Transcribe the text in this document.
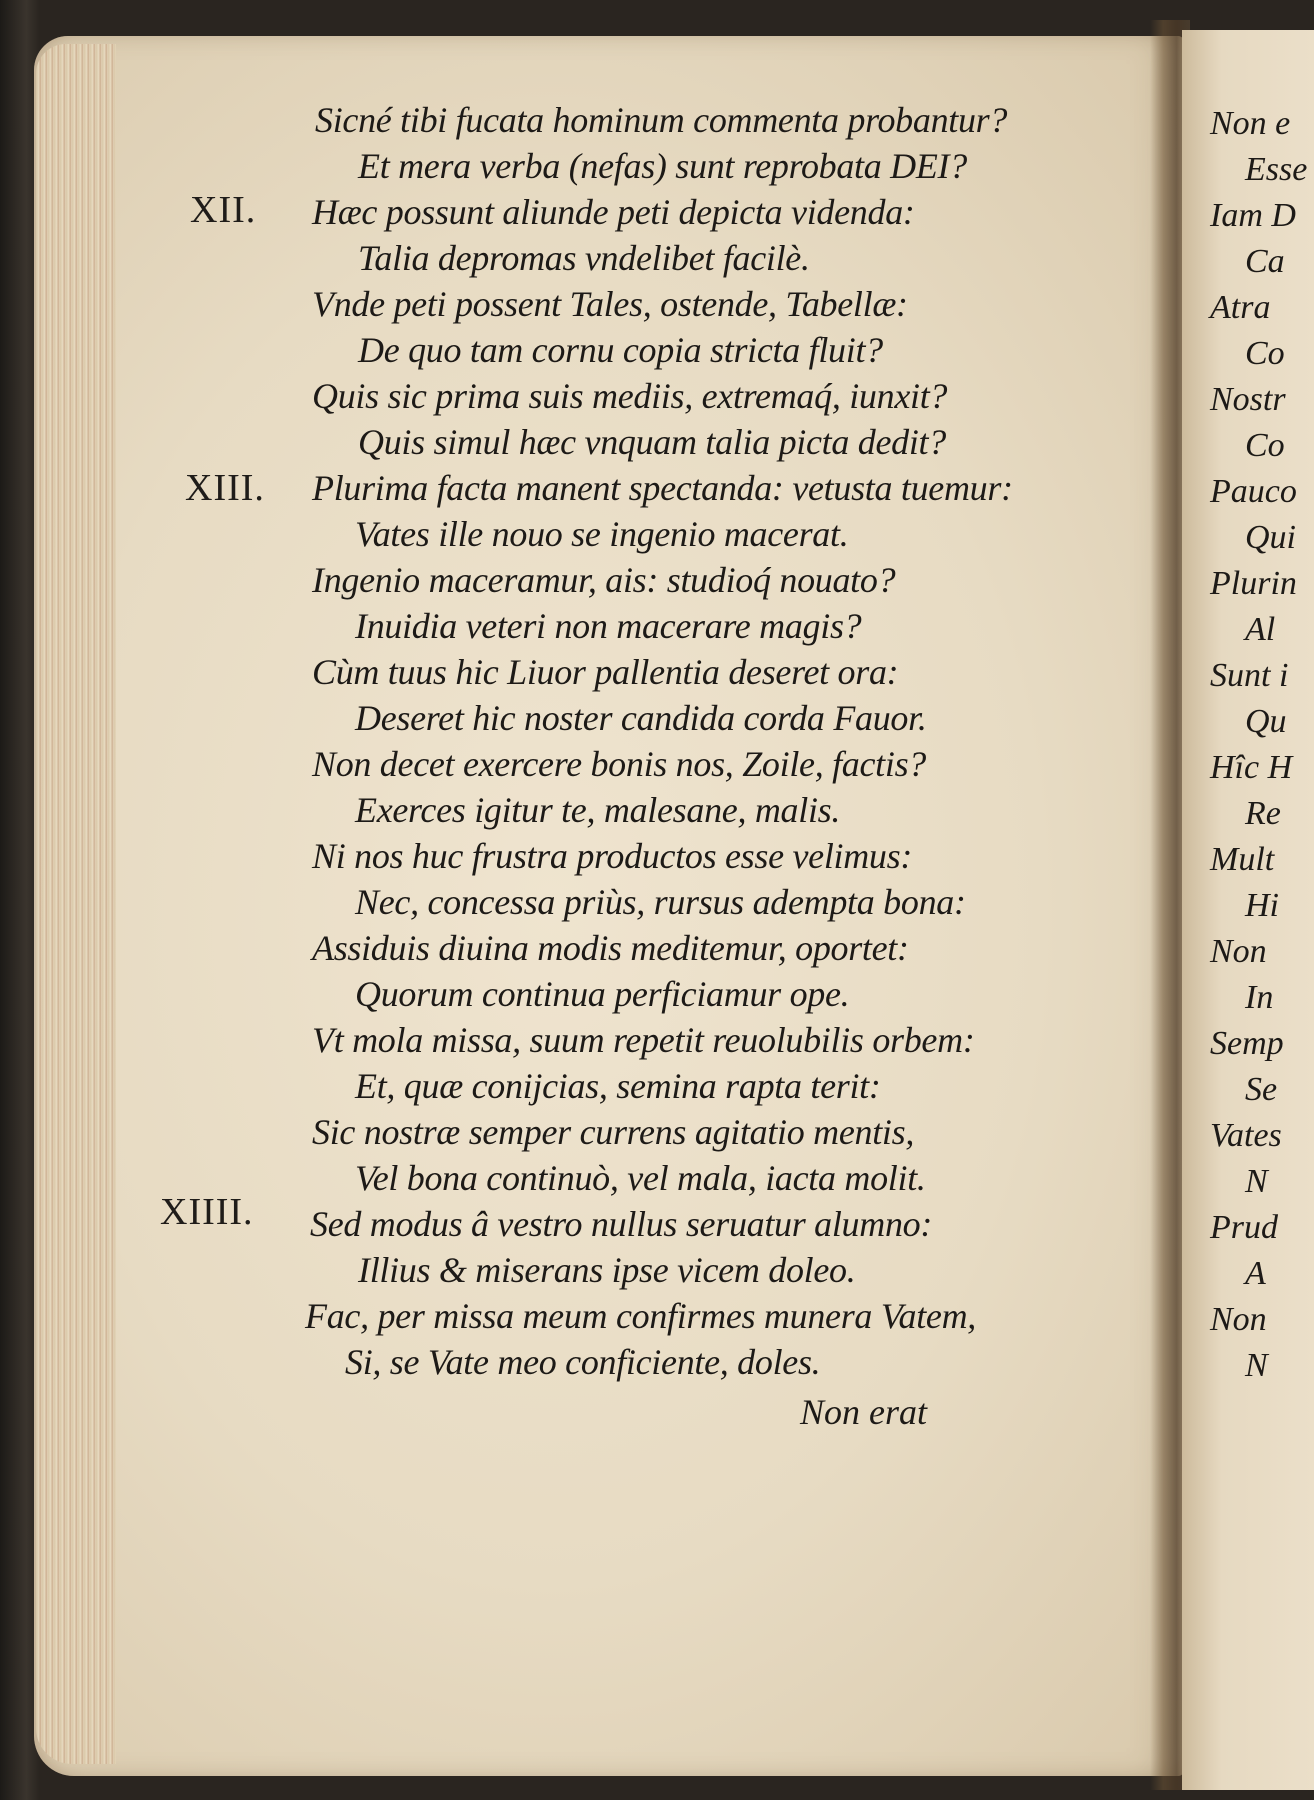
XII.
XIII.
XIIII.
Sicné tibi fucata hominum commenta probantur?
Et mera verba (nefas) sunt reprobata DEI?
Hæc possunt aliunde peti depicta videnda:
Talia depromas vndelibet facilè.
Vnde peti possent Tales, ostende, Tabellæ:
De quo tam cornu copia stricta fluit?
Quis sic prima suis mediis, extremaq́, iunxit?
Quis simul hæc vnquam talia picta dedit?
Plurima facta manent spectanda: vetusta tuemur:
Vates ille nouo se ingenio macerat.
Ingenio maceramur, ais: studioq́ nouato?
Inuidia veteri non macerare magis?
Cùm tuus hic Liuor pallentia deseret ora:
Deseret hic noster candida corda Fauor.
Non decet exercere bonis nos, Zoile, factis?
Exerces igitur te, malesane, malis.
Ni nos huc frustra productos esse velimus:
Nec, concessa priùs, rursus adempta bona:
Assiduis diuina modis meditemur, oportet:
Quorum continua perficiamur ope.
Vt mola missa, suum repetit reuolubilis orbem:
Et, quæ conijcias, semina rapta terit:
Sic nostræ semper currens agitatio mentis,
Vel bona continuò, vel mala, iacta molit.
Sed modus â vestro nullus seruatur alumno:
Illius & miserans ipse vicem doleo.
Fac, per missa meum confirmes munera Vatem,
Si, se Vate meo conficiente, doles.
Non erat
Non e
Esse
Iam D
Ca
Atra
Co
Nostr
Co
Pauco
Qui
Plurin
Al
Sunt i
Qu
Hîc H
Re
Mult
Hi
Non
In
Semp
Se
Vates
N
Prud
A
Non
N
